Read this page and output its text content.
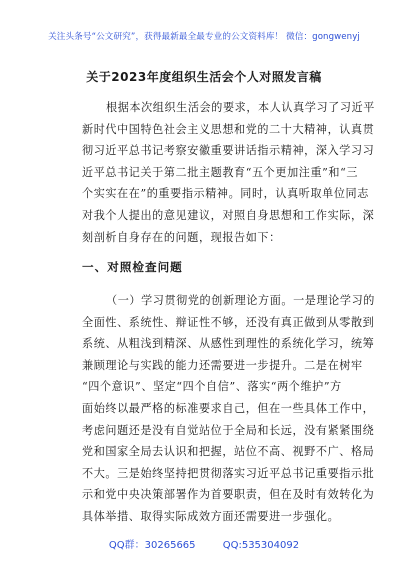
关注头条号“公文研究”，获得最新最全最专业的公文资料库！ 微信：gongwenyj
关于2023年度组织生活会个人对照发言稿
根据本次组织生活会的要求，本人认真学习了习近平
新时代中国特色社会主义思想和党的二十大精神，认真贯
彻习近平总书记考察安徽重要讲话指示精神，深入学习习
近平总书记关于第二批主题教育“五个更加注重”和“三
个实实在在”的重要指示精神。同时，认真听取单位同志
对我个人提出的意见建议，对照自身思想和工作实际，深
刻剖析自身存在的问题，现报告如下：
一、对照检查问题
（一）学习贯彻党的创新理论方面。一是理论学习的
全面性、系统性、辩证性不够，还没有真正做到从零散到
系统、从粗浅到精深、从感性到理性的系统化学习，统筹
兼顾理论与实践的能力还需要进一步提升。二是在树牢
“四个意识”、坚定“四个自信”、落实“两个维护”方
面始终以最严格的标准要求自己，但在一些具体工作中，
考虑问题还是没有自觉站位于全局和长远，没有紧紧围绕
党和国家全局去认识和把握，站位不高、视野不广、格局
不大。三是始终坚持把贯彻落实习近平总书记重要指示批
示和党中央决策部署作为首要职责，但在及时有效转化为
具体举措、取得实际成效方面还需要进一步强化。
QQ群：30265665	QQ:535304092
